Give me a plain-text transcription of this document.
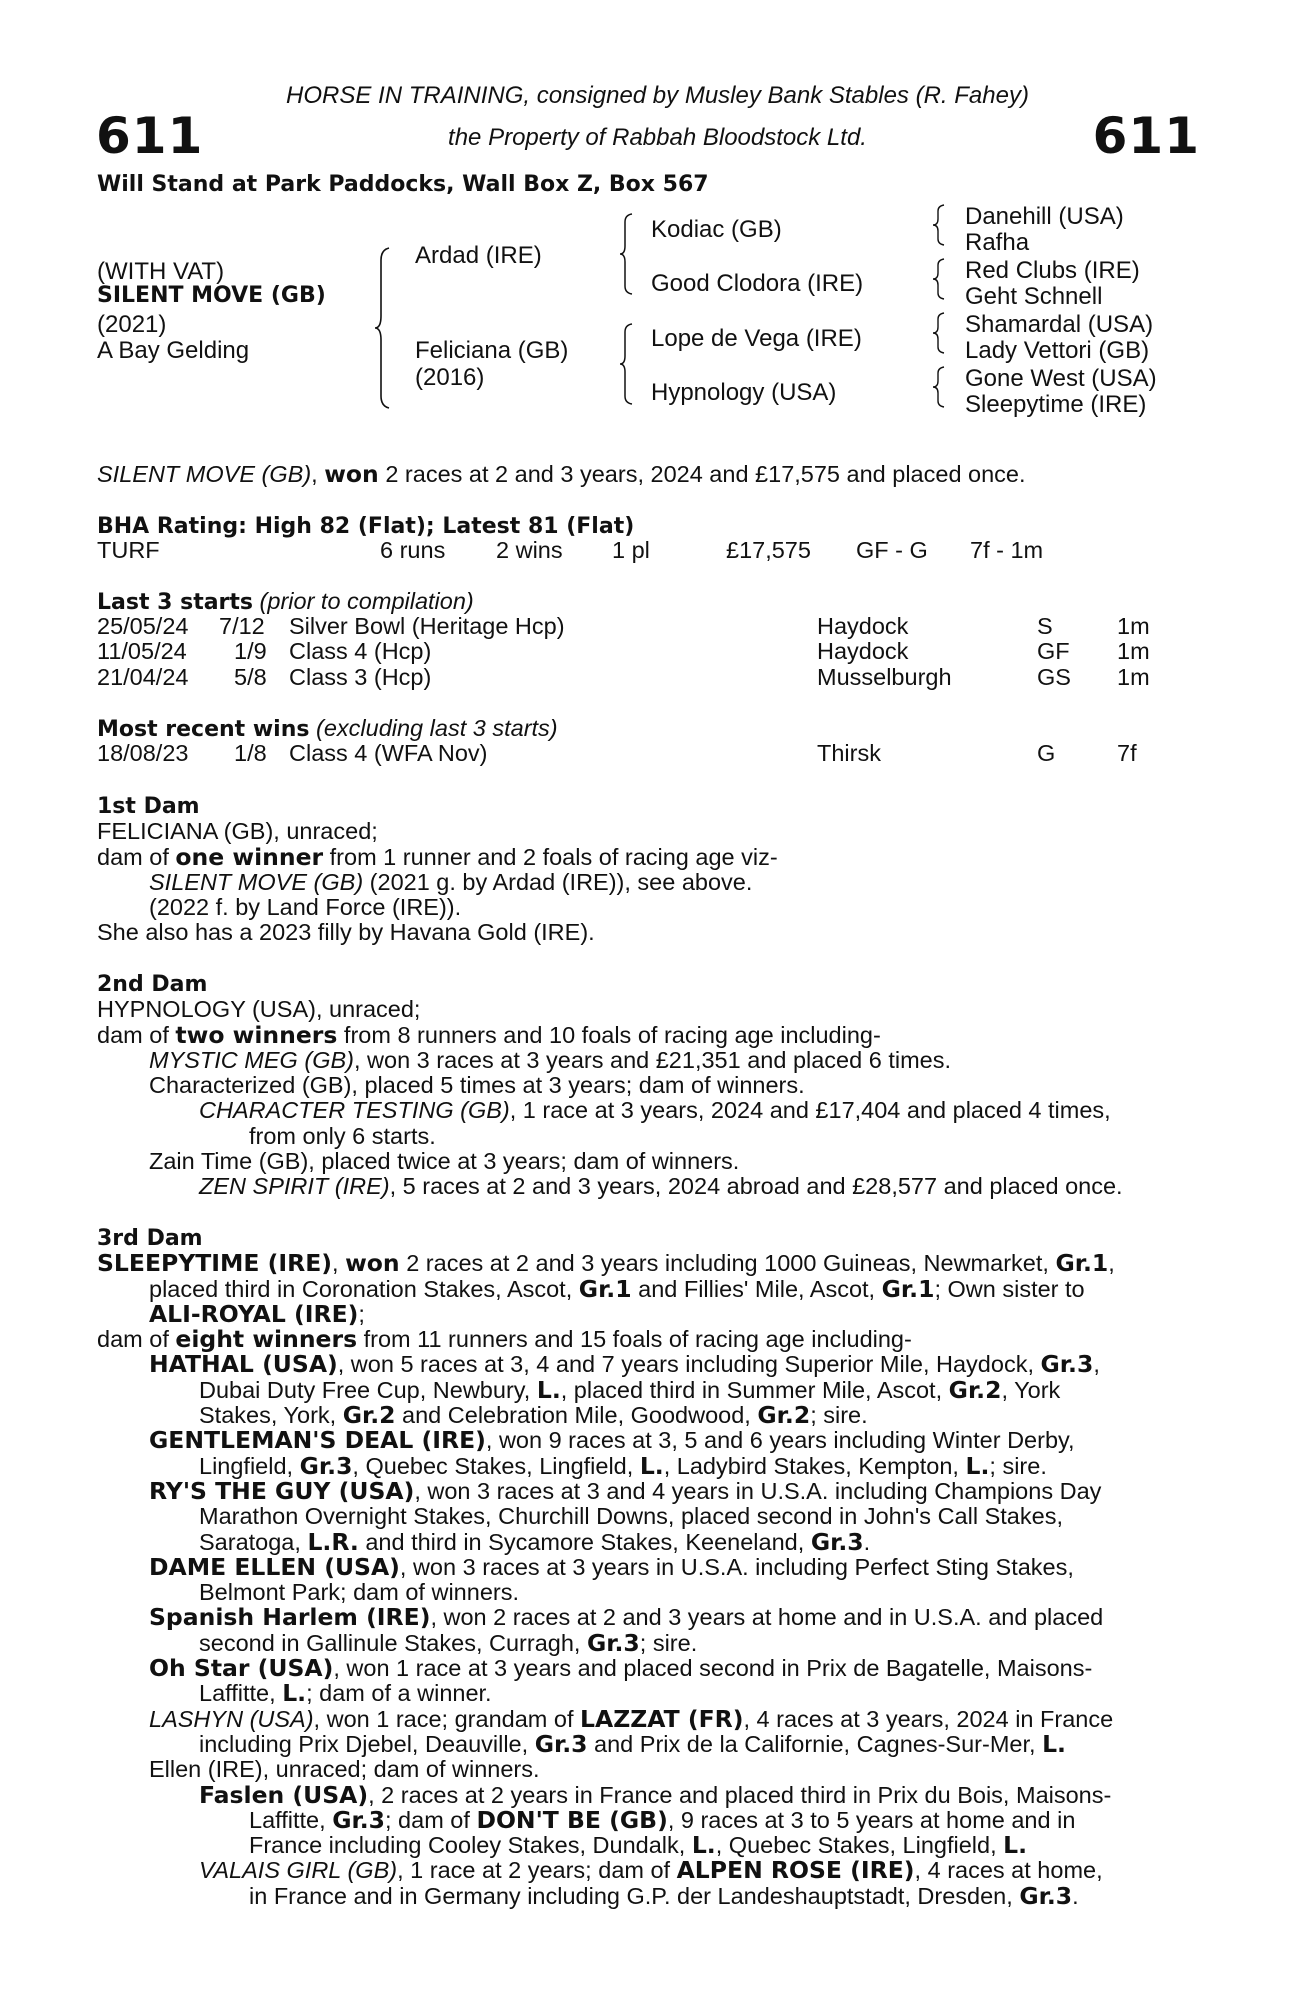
611	611
HORSE IN TRAINING, consigned by Musley Bank Stables (R. Fahey)
the Property of Rabbah Bloodstock Ltd.
Will Stand at Park Paddocks, Wall Box Z, Box 567
(WITH VAT)
SILENT MOVE (GB)
(2021)
A Bay Gelding
Ardad (IRE)
Feliciana (GB)
(2016)
Kodiac (GB)
Good Clodora (IRE)
Lope de Vega (IRE)
Hypnology (USA)
Danehill (USA)
Rafha
Red Clubs (IRE)
Geht Schnell
Shamardal (USA)
Lady Vettori (GB)
Gone West (USA)
Sleepytime (IRE)
SILENT MOVE (GB), won 2 races at 2 and 3 years, 2024 and £17,575 and placed once.
BHA Rating: High 82 (Flat); Latest 81 (Flat)
TURF	6 runs 2 wins 1 pl	£17,575 GF - G 7f - 1m
Last 3 starts (prior to compilation)
25/05/24 7/12 Silver Bowl (Heritage Hcp)	Haydock	S	1m
11/05/24 1/9 Class 4 (Hcp)	Haydock	GF 1m
21/04/24 5/8 Class 3 (Hcp)	Musselburgh	GS 1m
Most recent wins (excluding last 3 starts)
18/08/23 1/8 Class 4 (WFA Nov)	Thirsk	G	7f

1st Dam

FELICIANA (GB), unraced;

dam of one winner from 1 runner and 2 foals of racing age viz-

SILENT MOVE (GB) (2021 g. by Ardad (IRE)), see above.

(2022 f. by Land Force (IRE)).

She also has a 2023 filly by Havana Gold (IRE).

2nd Dam

HYPNOLOGY (USA), unraced;

dam of two winners from 8 runners and 10 foals of racing age including-

MYSTIC MEG (GB), won 3 races at 3 years and £21,351 and placed 6 times.

Characterized (GB), placed 5 times at 3 years; dam of winners.

CHARACTER TESTING (GB), 1 race at 3 years, 2024 and £17,404 and placed 4 times,

from only 6 starts.

Zain Time (GB), placed twice at 3 years; dam of winners.

ZEN SPIRIT (IRE), 5 races at 2 and 3 years, 2024 abroad and £28,577 and placed once.

3rd Dam

SLEEPYTIME (IRE), won 2 races at 2 and 3 years including 1000 Guineas, Newmarket, Gr.1,

placed third in Coronation Stakes, Ascot, Gr.1 and Fillies' Mile, Ascot, Gr.1; Own sister to

ALI-ROYAL (IRE);

dam of eight winners from 11 runners and 15 foals of racing age including-

HATHAL (USA), won 5 races at 3, 4 and 7 years including Superior Mile, Haydock, Gr.3,

Dubai Duty Free Cup, Newbury, L., placed third in Summer Mile, Ascot, Gr.2, York

Stakes, York, Gr.2 and Celebration Mile, Goodwood, Gr.2; sire.

GENTLEMAN'S DEAL (IRE), won 9 races at 3, 5 and 6 years including Winter Derby,

Lingfield, Gr.3, Quebec Stakes, Lingfield, L., Ladybird Stakes, Kempton, L.; sire.

RY'S THE GUY (USA), won 3 races at 3 and 4 years in U.S.A. including Champions Day

Marathon Overnight Stakes, Churchill Downs, placed second in John's Call Stakes,

Saratoga, L.R. and third in Sycamore Stakes, Keeneland, Gr.3.

DAME ELLEN (USA), won 3 races at 3 years in U.S.A. including Perfect Sting Stakes,

Belmont Park; dam of winners.

Spanish Harlem (IRE), won 2 races at 2 and 3 years at home and in U.S.A. and placed

second in Gallinule Stakes, Curragh, Gr.3; sire.

Oh Star (USA), won 1 race at 3 years and placed second in Prix de Bagatelle, Maisons-

Laffitte, L.; dam of a winner.

LASHYN (USA), won 1 race; grandam of LAZZAT (FR), 4 races at 3 years, 2024 in France

including Prix Djebel, Deauville, Gr.3 and Prix de la Californie, Cagnes-Sur-Mer, L.

Ellen (IRE), unraced; dam of winners.

Faslen (USA), 2 races at 2 years in France and placed third in Prix du Bois, Maisons-

Laffitte, Gr.3; dam of DON'T BE (GB), 9 races at 3 to 5 years at home and in

France including Cooley Stakes, Dundalk, L., Quebec Stakes, Lingfield, L.

VALAIS GIRL (GB), 1 race at 2 years; dam of ALPEN ROSE (IRE), 4 races at home,

in France and in Germany including G.P. der Landeshauptstadt, Dresden, Gr.3.
